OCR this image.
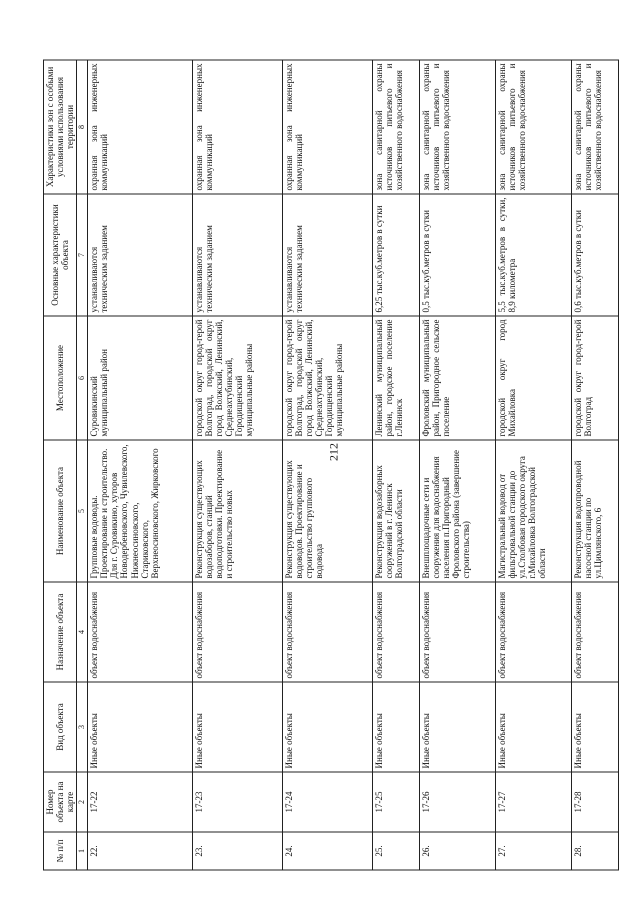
212
№ п/п	Номер объекта на карте	Вид объекта	Назначение объекта	Наименование объекта	Местоположение	Основные характеристики объекта	Характеристики зон с особыми условиями использования территории
1	2	3	4	5	6	7	8
22.	17-22	Иные объекты	объект водоснабжения	Групповые водоводы. Проектирование и строительство. Для г. Суровикино, хуторов Новодербеновского, Чувилевского, Нижнеосиновского, Стариковского, Верхнеосиновского, Жирковского	Суровикинский муниципальный район	устанавливаются техническим заданием	охранная зона инженерных коммуникаций
23.	17-23	Иные объекты	объект водоснабжения	Реконструкция существующих водозаборов, станций водоподготовки. Проектирование и строительство новых	городской округ город-герой Волгоград, городской округ город Волжский, Ленинский, Среднеахтубинский, Городищенский муниципальные районы	устанавливаются техническим заданием	охранная зона инженерных коммуникаций
24.	17-24	Иные объекты	объект водоснабжения	Реконструкция существующих водоводов. Проектирование и строительство группового водовода	городской округ город-герой Волгоград, городской округ город Волжский, Ленинский, Среднеахтубинский, Городищенский муниципальные районы	устанавливаются техническим заданием	охранная зона инженерных коммуникаций
25.	17-25	Иные объекты	объект водоснабжения	Реконструкция водозаборных сооружений в г. Ленинск Волгоградской области	Ленинский муниципальный район, городское поселение г.Ленинск	6,25 тыс.куб.метров в сутки	зона санитарной охраны источников питьевого и хозяйственного водоснабжения
26.	17-26	Иные объекты	объект водоснабжения	Внешплощадочные сети и сооружения для водоснабжения населения п.Пригородный Фроловского района (завершение строительства)	Фроловский муниципальный район, Пригородное сельское поселение	0,5 тыс.куб.метров в сутки	зона санитарной охраны источников питьевого и хозяйственного водоснабжения
27.	17-27	Иные объекты	объект водоснабжения	Магистральный водовод от фильтровальной станции до ул.Столбовая городского округа г.Михайловка Волгоградской области	городской округ город Михайловка	5,5 тыс.куб.метров в сутки, 8,9 километра	зона санитарной охраны источников питьевого и хозяйственного водоснабжения
28.	17-28	Иные объекты	объект водоснабжения	Реконструкция водопроводной насосной станции по ул.Цимлянского, 6	городской округ город-герой Волгоград	0,6 тыс.куб.метров в сутки	зона санитарной охраны источников питьевого и хозяйственного водоснабжения
